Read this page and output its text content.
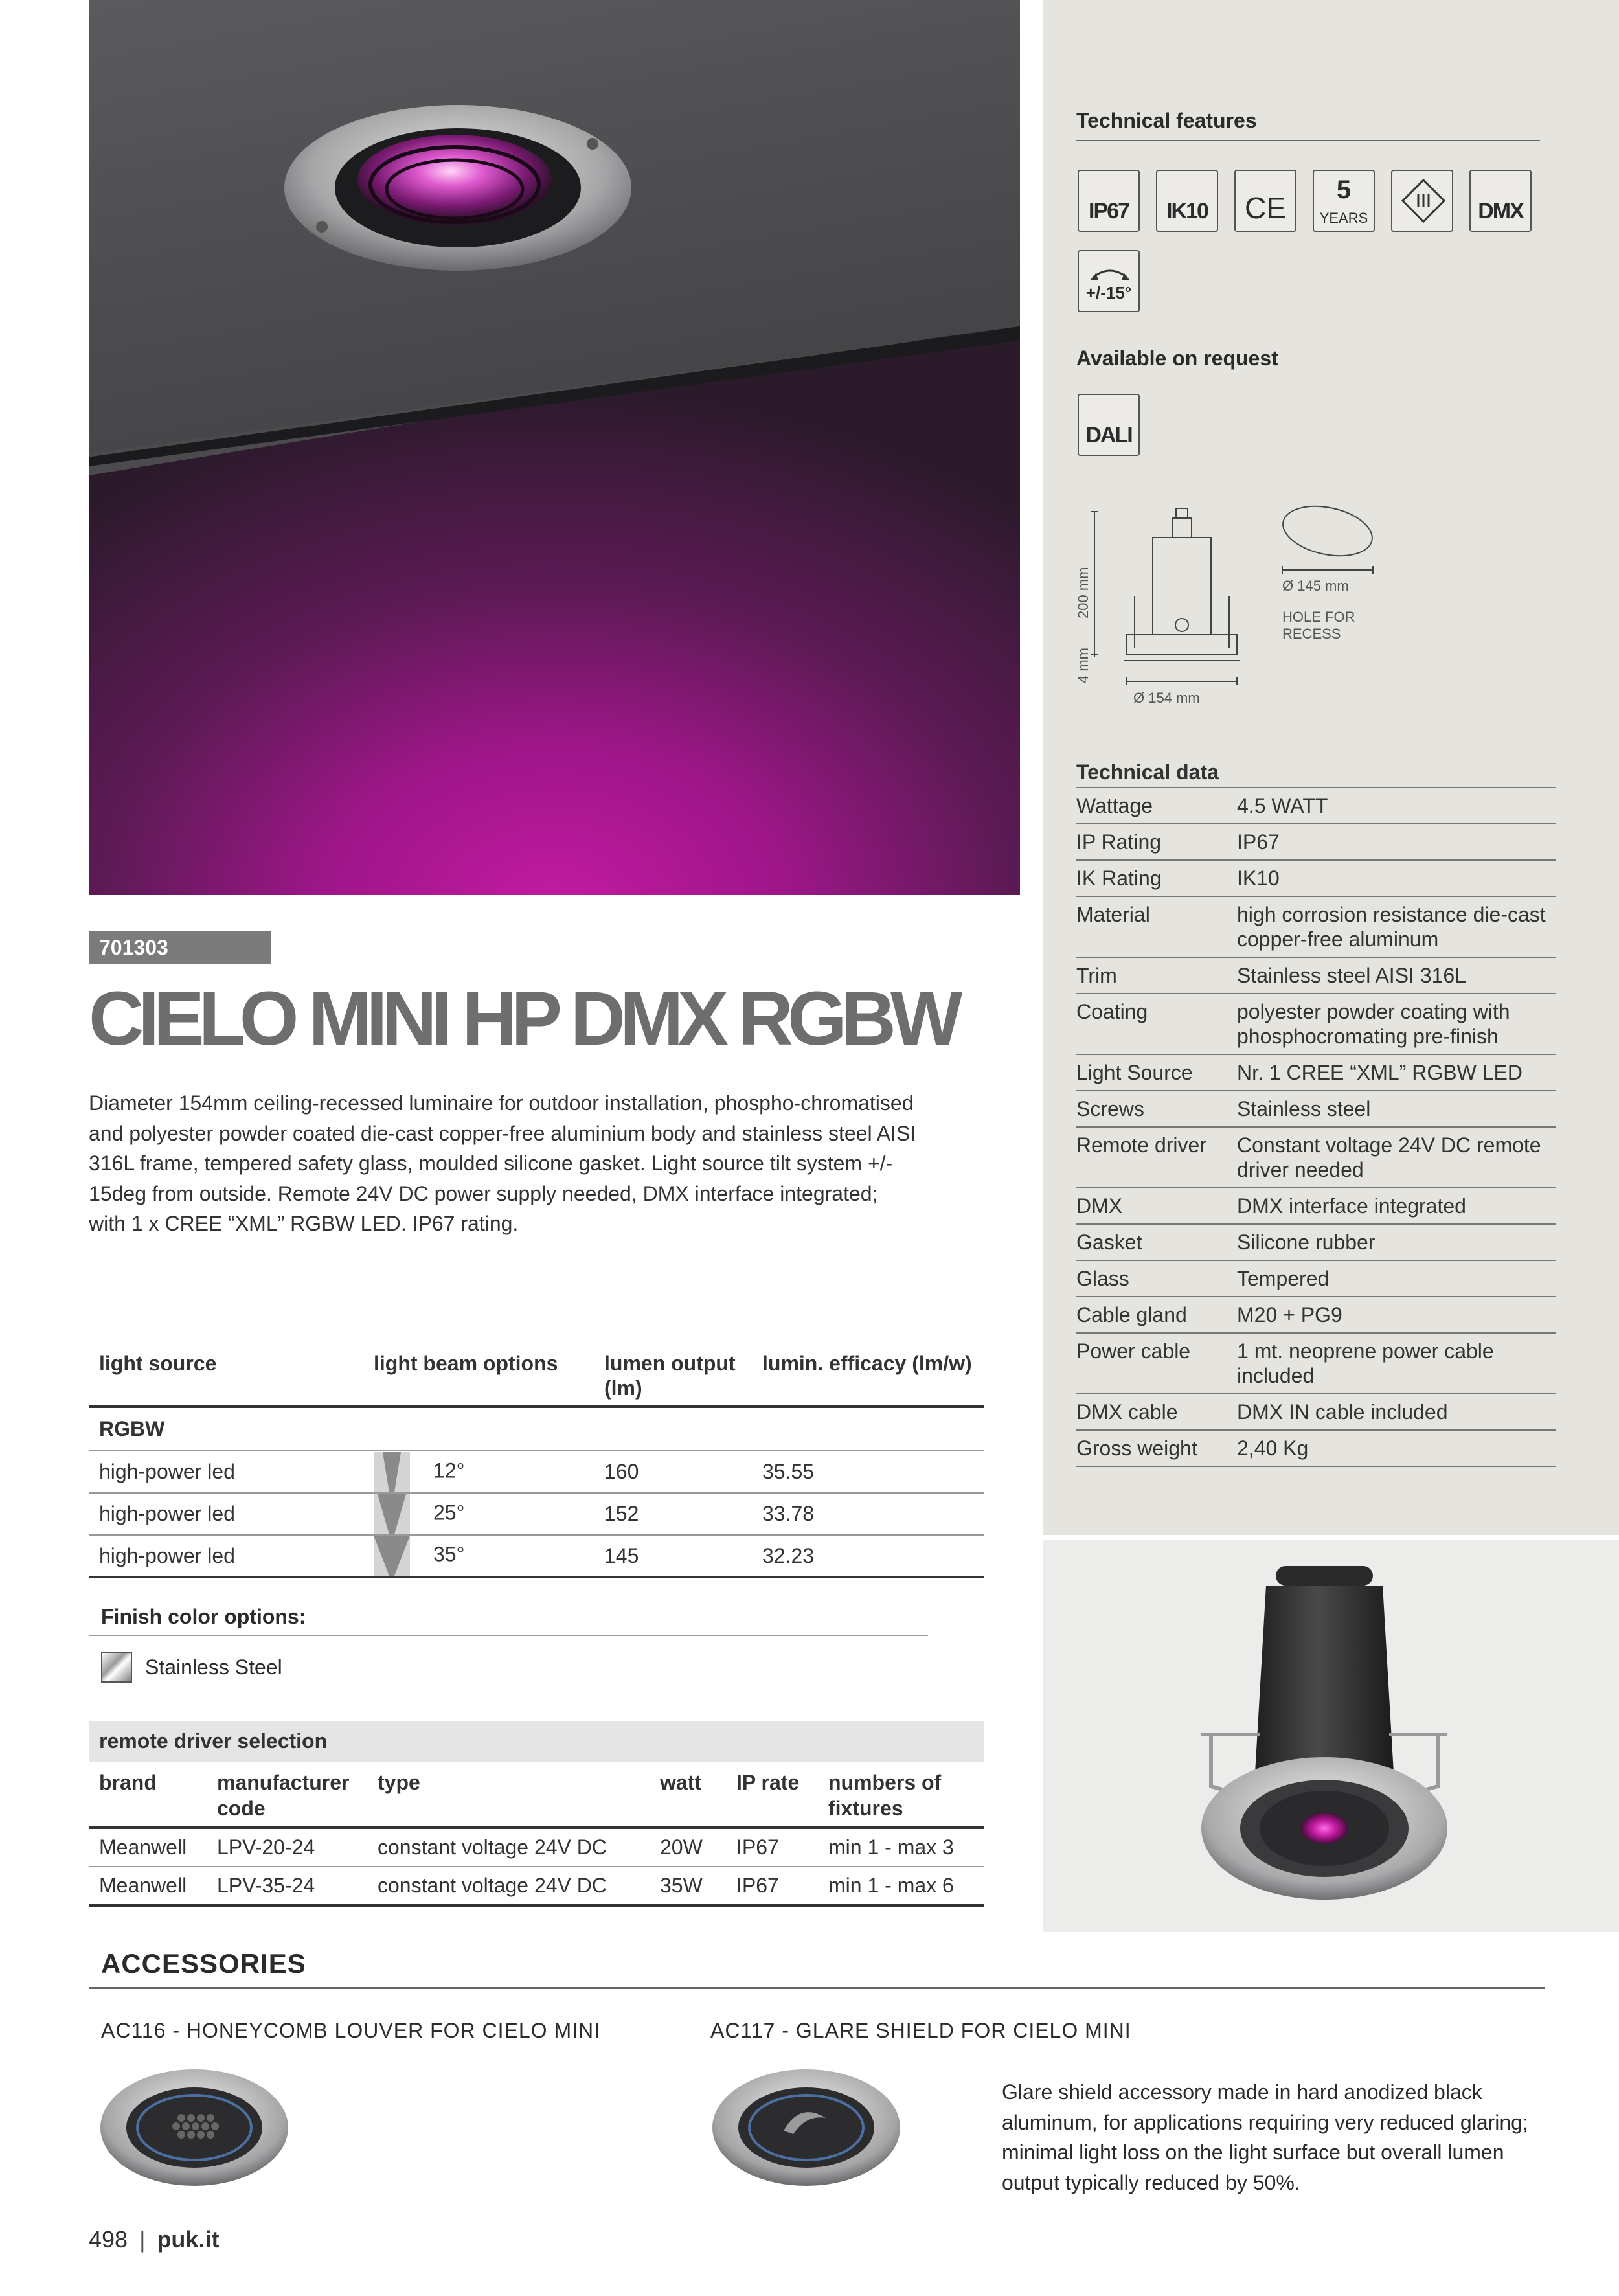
Technical features
IP67	IK10	CE
5
YEARS	DMX
+/-15°
Available on request
DALI
200 mm
4 mm
Ø 154 mm
Ø 145 mm
HOLE FOR
RECESS
Technical data	
Wattage	4.5 WATT
IP Rating	IP67
IK Rating	IK10
Material	high corrosion resistance die-cast copper-free aluminum
Trim	Stainless steel AISI 316L
Coating	polyester powder coating with phosphocromating pre-finish
Light Source	Nr. 1 CREE “XML” RGBW LED
Screws	Stainless steel
Remote driver	Constant voltage 24V DC remote driver needed
DMX	DMX interface integrated
Gasket	Silicone rubber
Glass	Tempered
Cable gland	M20 + PG9
Power cable	1 mt. neoprene power cable included
DMX cable	DMX IN cable included
Gross weight	2,40 Kg
701303
CIELO MINI HP DMX RGBW
Diameter 154mm ceiling-recessed luminaire for outdoor installation, phospho-chromatised and polyester powder coated die-cast copper-free aluminium body and stainless steel AISI 316L frame, tempered safety glass, moulded silicone gasket. Light source tilt system +/- 15deg from outside. Remote 24V DC power supply needed, DMX interface integrated; with 1 x CREE “XML” RGBW LED. IP67 rating.
light source	light beam options	lumen output (lm)	lumin. efficacy (lm/w)
RGBW			
high-power led	12°	160	35.55
high-power led	25°	152	33.78
high-power led	35°	145	32.23
Finish color options:
Stainless Steel
remote driver selection					
brand	manufacturer code	type	watt	IP rate	numbers of fixtures
Meanwell	LPV-20-24	constant voltage 24V DC	20W	IP67	min 1 - max 3
Meanwell	LPV-35-24	constant voltage 24V DC	35W	IP67	min 1 - max 6
ACCESSORIES
AC116 - HONEYCOMB LOUVER FOR CIELO MINI	AC117 - GLARE SHIELD FOR CIELO MINI
Glare shield accessory made in hard anodized black aluminum, for applications requiring very reduced glaring; minimal light loss on the light surface but overall lumen output typically reduced by 50%.
498 | puk.it
